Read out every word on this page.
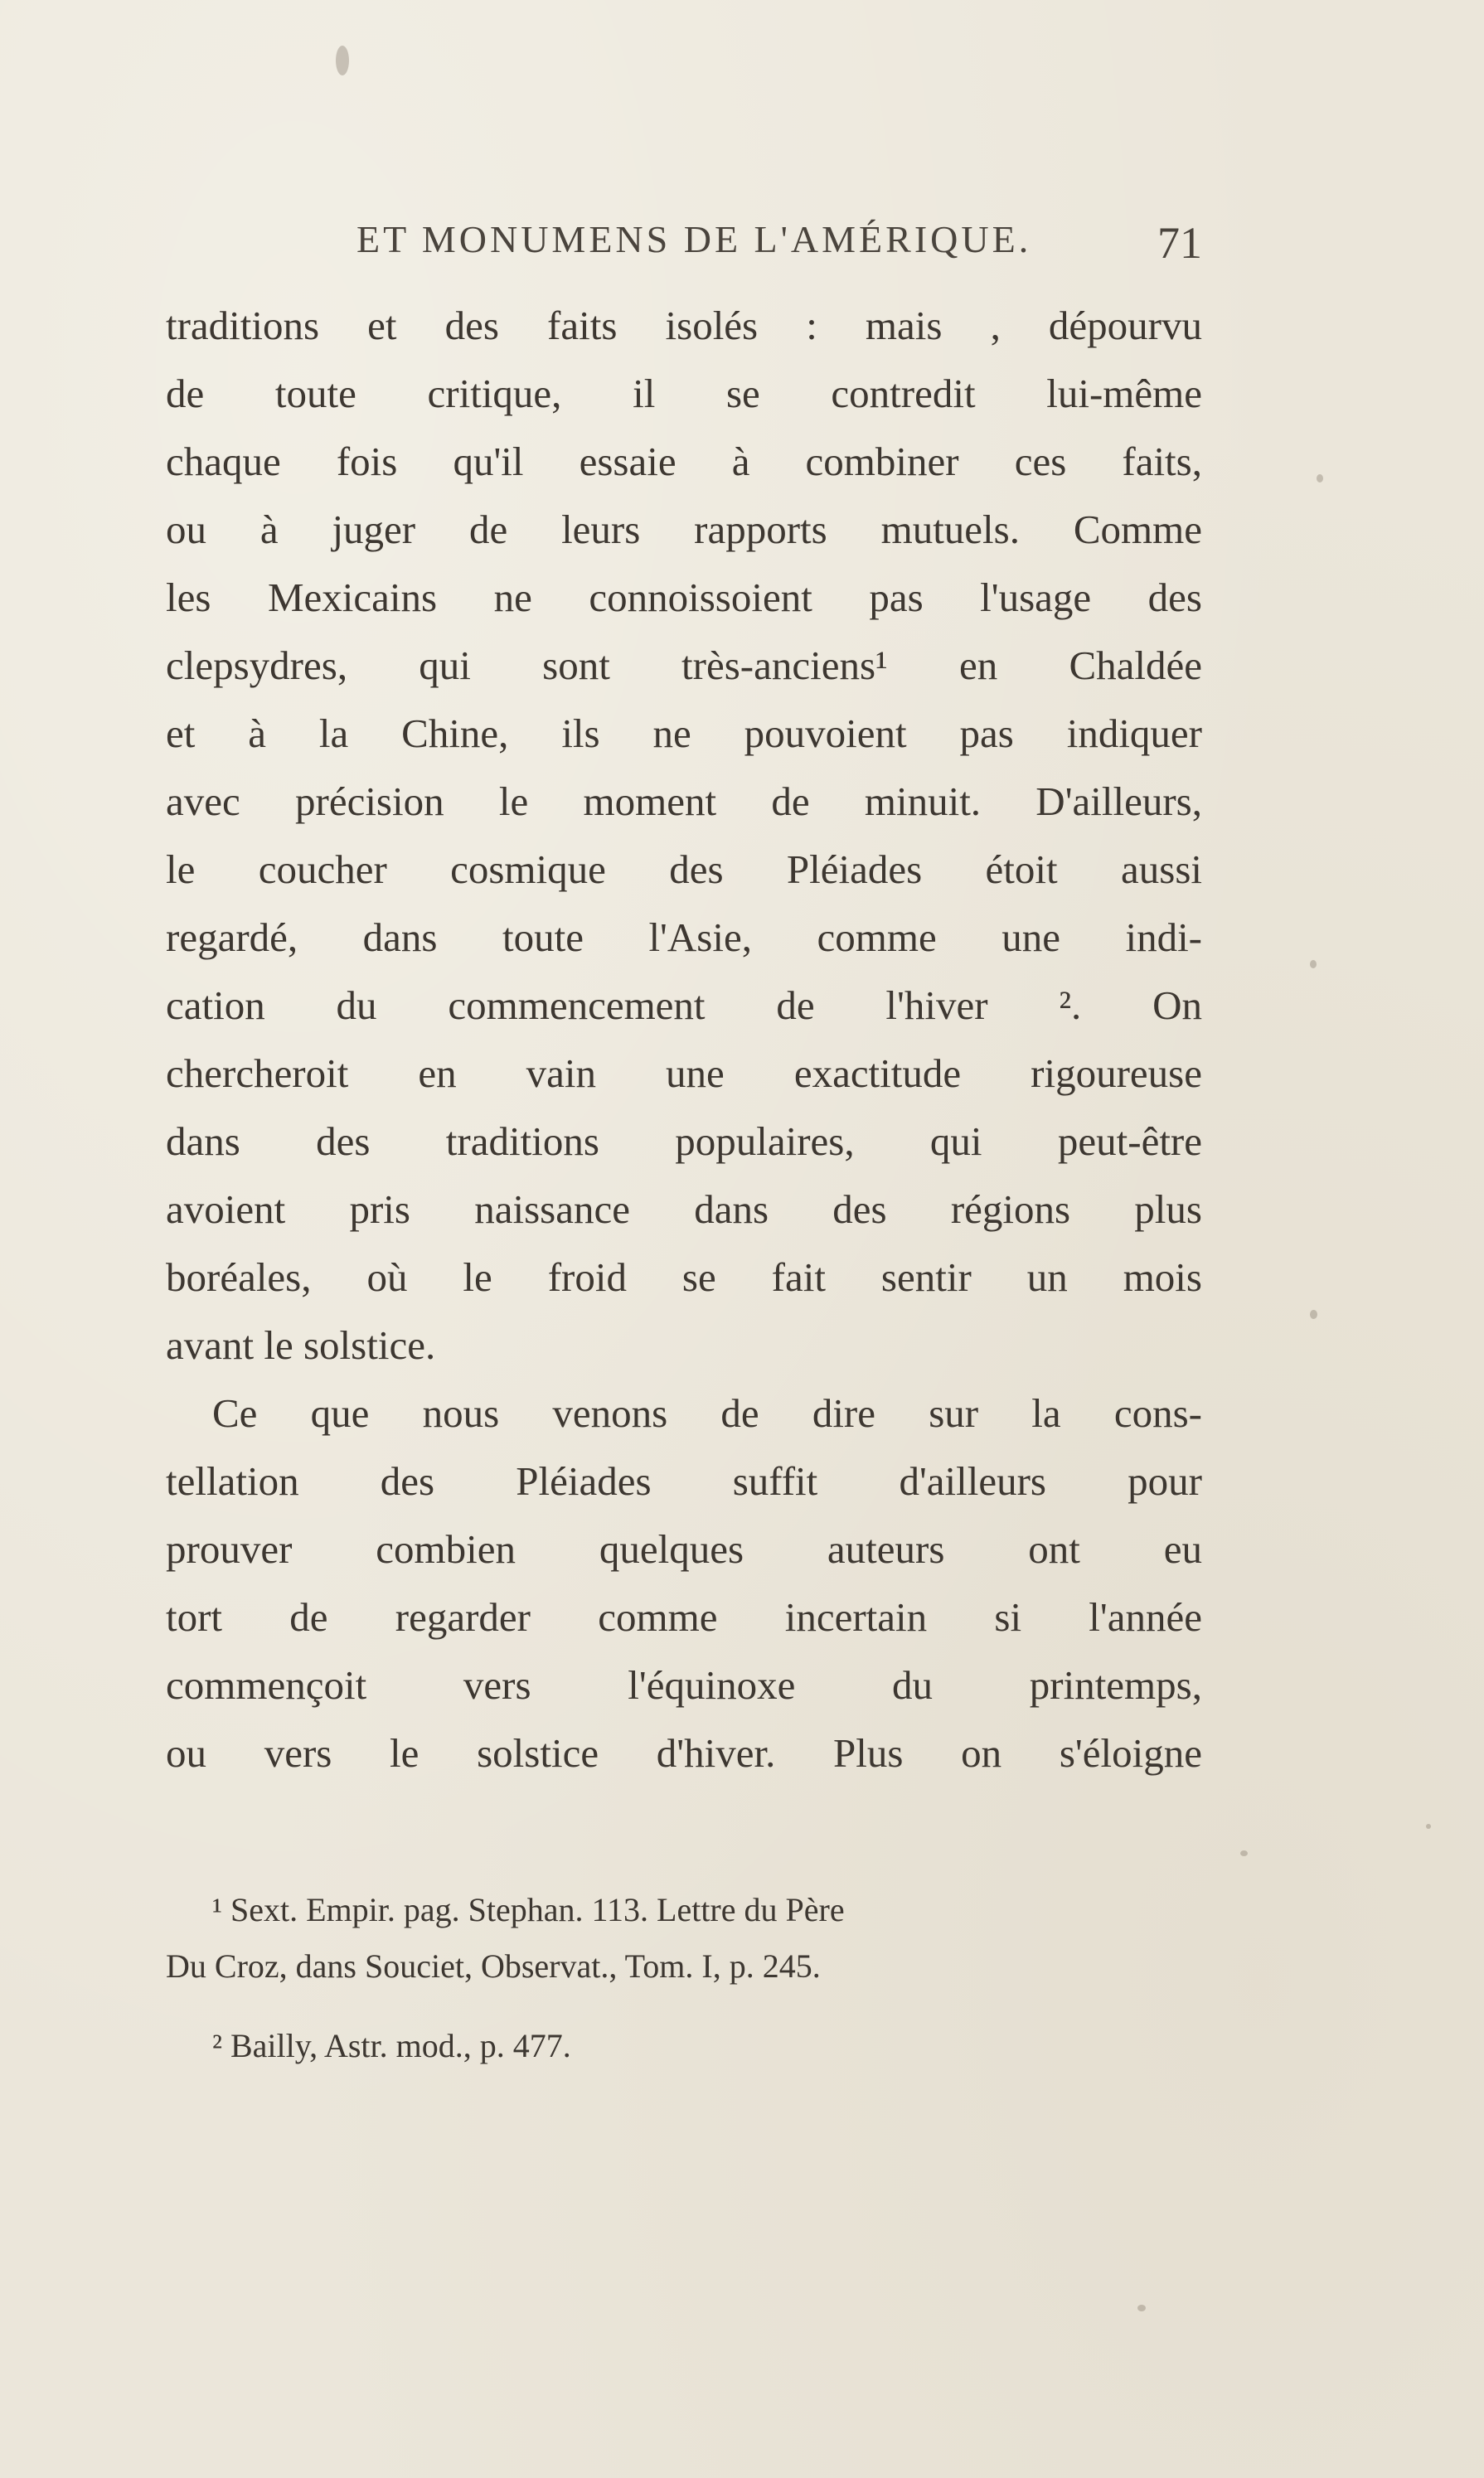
ET MONUMENS DE L'AMÉRIQUE.	71
traditions et des faits isolés : mais , dépourvu
de toute critique, il se contredit lui-même
chaque fois qu'il essaie à combiner ces faits,
ou à juger de leurs rapports mutuels. Comme
les Mexicains ne connoissoient pas l'usage des
clepsydres, qui sont très-anciens¹ en Chaldée
et à la Chine, ils ne pouvoient pas indiquer
avec précision le moment de minuit. D'ailleurs,
le coucher cosmique des Pléiades étoit aussi
regardé, dans toute l'Asie, comme une indi-
cation du commencement de l'hiver ². On
chercheroit en vain une exactitude rigoureuse
dans des traditions populaires, qui peut-être
avoient pris naissance dans des régions plus
boréales, où le froid se fait sentir un mois
avant le solstice.
Ce que nous venons de dire sur la cons-
tellation des Pléiades suffit d'ailleurs pour
prouver combien quelques auteurs ont eu
tort de regarder comme incertain si l'année
commençoit vers l'équinoxe du printemps,
ou vers le solstice d'hiver. Plus on s'éloigne
¹ Sext. Empir. pag. Stephan. 113. Lettre du Père
Du Croz, dans Souciet, Observat., Tom. I, p. 245.
² Bailly, Astr. mod., p. 477.
